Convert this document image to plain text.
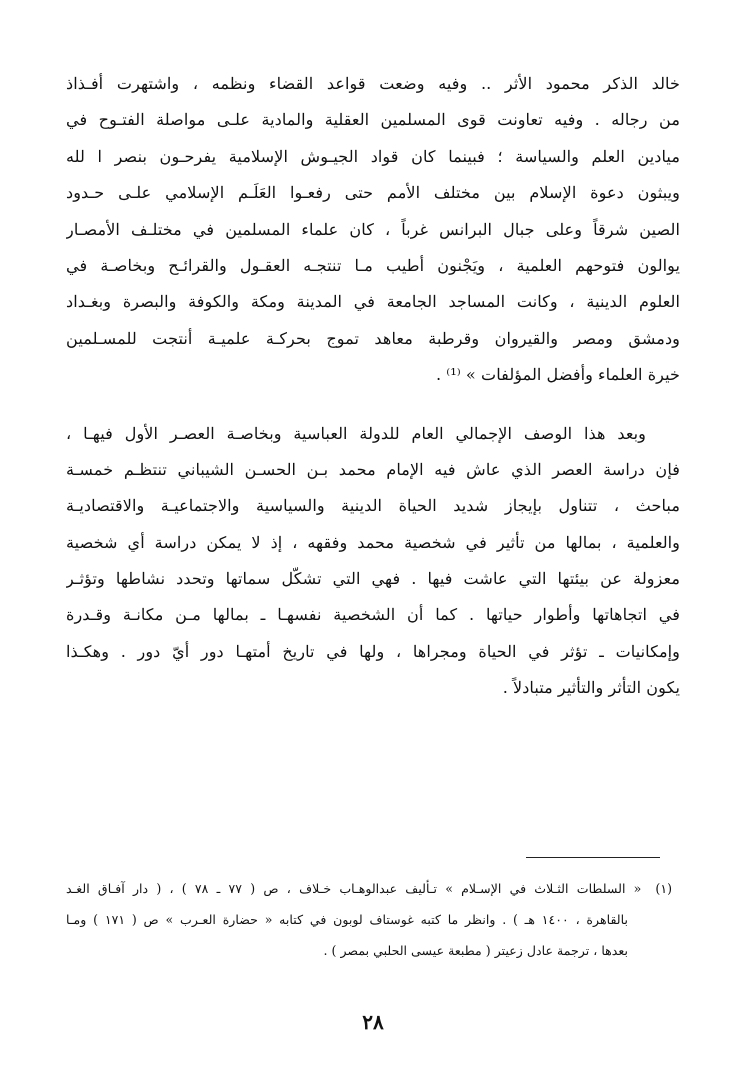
خالد الذكر محمود الأثر .. وفيه وضعت قواعد القضاء ونظمه ، واشتهرت أفـذاذ
من رجاله . وفيه تعاونت قوى المسلمين العقلية والمادية علـى مواصلة الفتـوح في
ميادين العلم والسياسة ؛ فبينما كان قواد الجيـوش الإسلامية يفرحـون بنصر ا لله
ويبثون دعوة الإسلام بين مختلف الأمم حتى رفعـوا العَلَـم الإسلامي علـى حـدود
الصين شرقاً وعلى جبال البرانس غرباً ، كان علماء المسلمين في مختلـف الأمصـار
يوالون فتوحهم العلمية ، ويَجْنون أطيب مـا تنتجـه العقـول والقرائـح وبخاصـة في
العلوم الدينية ، وكانت المساجد الجامعة في المدينة ومكة والكوفة والبصرة وبغـداد
ودمشق ومصر والقيروان وقرطبة معاهد تموج بحركـة علميـة أنتجت للمسـلمين
خيرة العلماء وأفضل المؤلفات » ⁽¹⁾ .
وبعد هذا الوصف الإجمالي العام للدولة العباسية وبخاصـة العصـر الأول فيهـا ،
فإن دراسة العصر الذي عاش فيه الإمام محمد بـن الحسـن الشيباني تنتظـم خمسـة
مباحث ، تتناول بإيجاز شديد الحياة الدينية والسياسية والاجتماعيـة والاقتصاديـة
والعلمية ، بمالها من تأثير في شخصية محمد وفقهه ، إذ لا يمكن دراسة أي شخصية
معزولة عن بيئتها التي عاشت فيها . فهي التي تشكّل سماتها وتحدد نشاطها وتؤثـر
في اتجاهاتها وأطوار حياتها . كما أن الشخصية نفسهـا ـ بمالها مـن مكانـة وقـدرة
وإمكانيات ـ تؤثر في الحياة ومجراها ، ولها في تاريخ أمتهـا دور أيّ دور . وهكـذا
يكون التأثر والتأثير متبادلاً .
(١)
« السلطات الثـلاث في الإسـلام » تـأليف عبدالوهـاب خـلاف ، ص ( ٧٧ ـ ٧٨ ) ، ( دار آفـاق الغـد
بالقاهرة ، ١٤٠٠ هـ ) . وانظر ما كتبه غوستاف لوبون في كتابه « حضارة العـرب » ص ( ١٧١ ) ومـا
بعدها ، ترجمة عادل زعيتر ( مطبعة عيسى الحلبي بمصر ) .
٢٨
